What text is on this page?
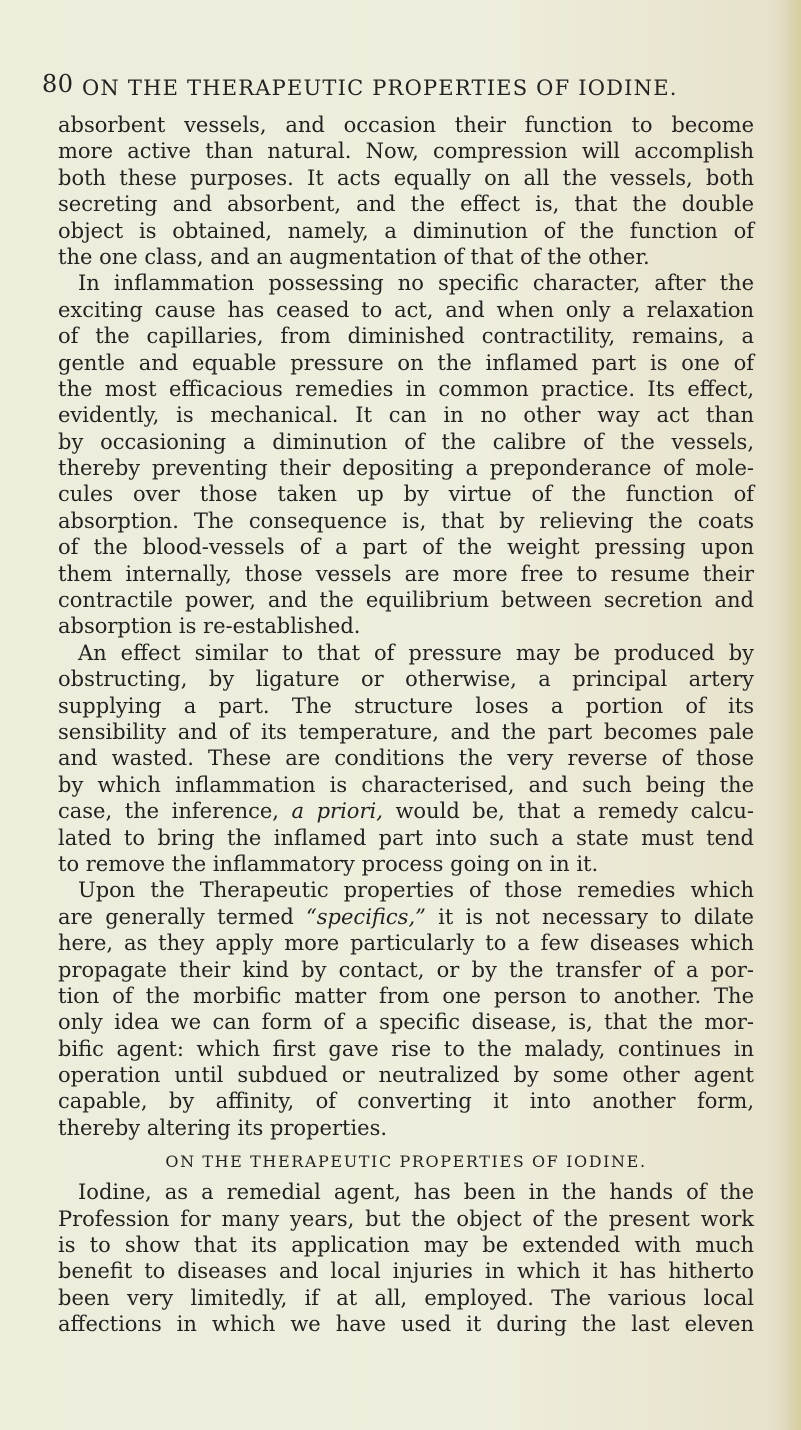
80 ON THE THERAPEUTIC PROPERTIES OF IODINE.
absorbent vessels, and occasion their function to become
more active than natural. Now, compression will accomplish
both these purposes. It acts equally on all the vessels, both
secreting and absorbent, and the effect is, that the double
object is obtained, namely, a diminution of the function of
the one class, and an augmentation of that of the other.
In inflammation possessing no specific character, after the
exciting cause has ceased to act, and when only a relaxation
of the capillaries, from diminished contractility, remains, a
gentle and equable pressure on the inflamed part is one of
the most efficacious remedies in common practice. Its effect,
evidently, is mechanical. It can in no other way act than
by occasioning a diminution of the calibre of the vessels,
thereby preventing their depositing a preponderance of mole-
cules over those taken up by virtue of the function of
absorption. The consequence is, that by relieving the coats
of the blood-vessels of a part of the weight pressing upon
them internally, those vessels are more free to resume their
contractile power, and the equilibrium between secretion and
absorption is re-established.
An effect similar to that of pressure may be produced by
obstructing, by ligature or otherwise, a principal artery
supplying a part. The structure loses a portion of its
sensibility and of its temperature, and the part becomes pale
and wasted. These are conditions the very reverse of those
by which inflammation is characterised, and such being the
case, the inference, a priori, would be, that a remedy calcu-
lated to bring the inflamed part into such a state must tend
to remove the inflammatory process going on in it.
Upon the Therapeutic properties of those remedies which
are generally termed “specifics,” it is not necessary to dilate
here, as they apply more particularly to a few diseases which
propagate their kind by contact, or by the transfer of a por-
tion of the morbific matter from one person to another. The
only idea we can form of a specific disease, is, that the mor-
bific agent: which first gave rise to the malady, continues in
operation until subdued or neutralized by some other agent
capable, by affinity, of converting it into another form,
thereby altering its properties.
ON THE THERAPEUTIC PROPERTIES OF IODINE.
Iodine, as a remedial agent, has been in the hands of the
Profession for many years, but the object of the present work
is to show that its application may be extended with much
benefit to diseases and local injuries in which it has hitherto
been very limitedly, if at all, employed. The various local
affections in which we have used it during the last eleven
